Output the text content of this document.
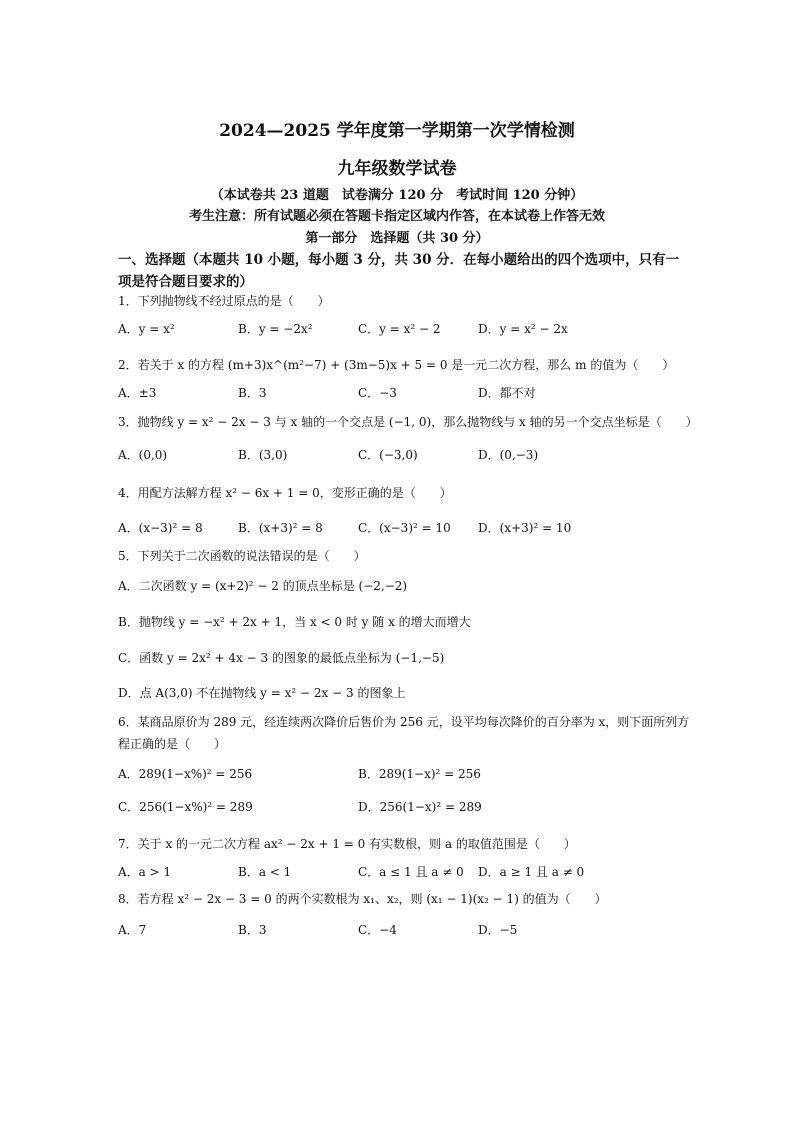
2024—2025 学年度第一学期第一次学情检测
九年级数学试卷
（本试卷共 23 道题　试卷满分 120 分　考试时间 120 分钟）
考生注意：所有试题必须在答题卡指定区域内作答，在本试卷上作答无效
第一部分　选择题（共 30 分）
一、选择题（本题共 10 小题，每小题 3 分，共 30 分．在每小题给出的四个选项中，只有一
项是符合题目要求的）
1．下列抛物线不经过原点的是（　　）
A．y = x²	B．y = −2x²	C．y = x² − 2	D．y = x² − 2x
2．若关于 x 的方程 (m+3)x^(m²−7) + (3m−5)x + 5 = 0 是一元二次方程，那么 m 的值为（　　）
A．±3	B．3	C．−3	D．都不对
3．抛物线 y = x² − 2x − 3 与 x 轴的一个交点是 (−1, 0)，那么抛物线与 x 轴的另一个交点坐标是（　　）
A．(0,0)	B．(3,0)	C．(−3,0)	D．(0,−3)
4．用配方法解方程 x² − 6x + 1 = 0，变形正确的是（　　）
A．(x−3)² = 8	B．(x+3)² = 8	C．(x−3)² = 10 D．(x+3)² = 10
5．下列关于二次函数的说法错误的是（　　）
A．二次函数 y = (x+2)² − 2 的顶点坐标是 (−2,−2)
B．抛物线 y = −x² + 2x + 1，当 x < 0 时 y 随 x 的增大而增大
C．函数 y = 2x² + 4x − 3 的图象的最低点坐标为 (−1,−5)
D．点 A(3,0) 不在抛物线 y = x² − 2x − 3 的图象上
6．某商品原价为 289 元，经连续两次降价后售价为 256 元，设平均每次降价的百分率为 x，则下面所列方
程正确的是（　　）
A．289(1−x%)² = 256	B．289(1−x)² = 256
C．256(1−x%)² = 289	D．256(1−x)² = 289
7．关于 x 的一元二次方程 ax² − 2x + 1 = 0 有实数根，则 a 的取值范围是（　　）
A．a > 1	B．a < 1	C．a ≤ 1 且 a ≠ 0 D．a ≥ 1 且 a ≠ 0
8．若方程 x² − 2x − 3 = 0 的两个实数根为 x₁、x₂，则 (x₁ − 1)(x₂ − 1) 的值为（　　）
A．7	B．3	C．−4	D．−5
